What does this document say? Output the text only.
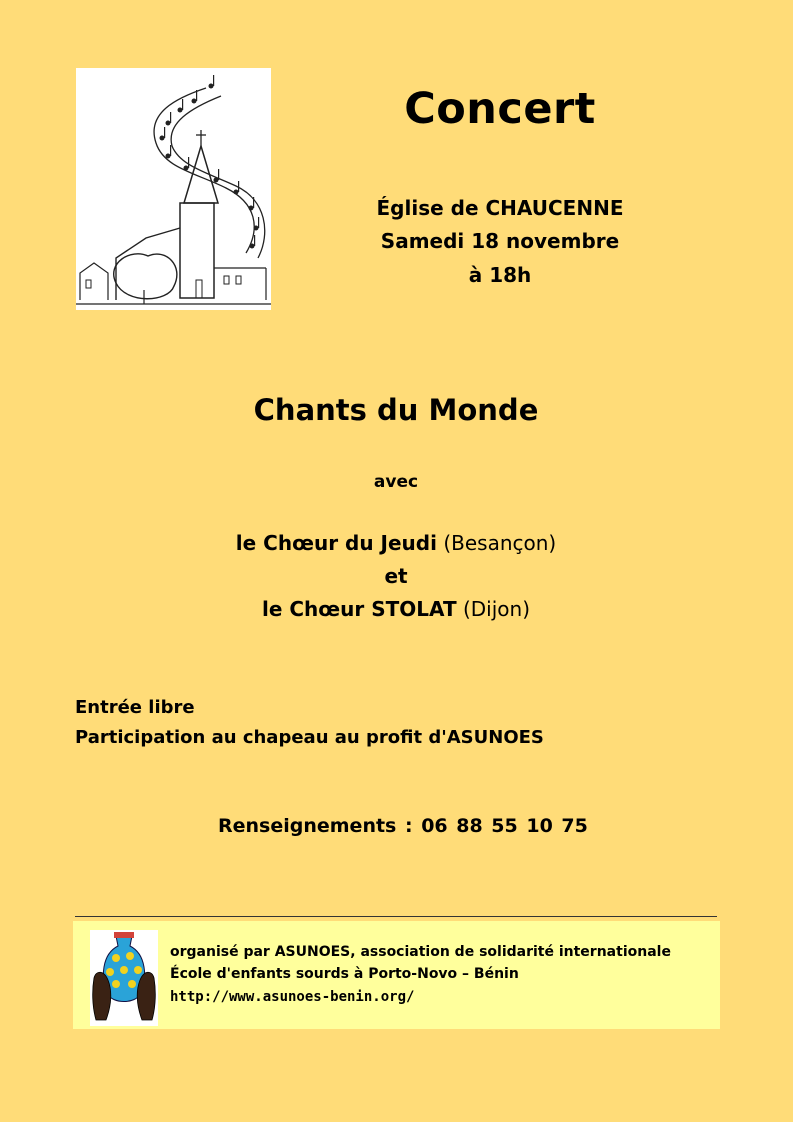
Concert
Église de CHAUCENNE
Samedi 18 novembre
à 18h
Chants du Monde
avec
le Chœur du Jeudi (Besançon)
et
le Chœur STOLAT (Dijon)
Entrée libre
Participation au chapeau au profit d'ASUNOES
Renseignements : 06 88 55 10 75
organisé par ASUNOES, association de solidarité internationale
École d'enfants sourds à Porto-Novo – Bénin
http://www.asunoes-benin.org/
